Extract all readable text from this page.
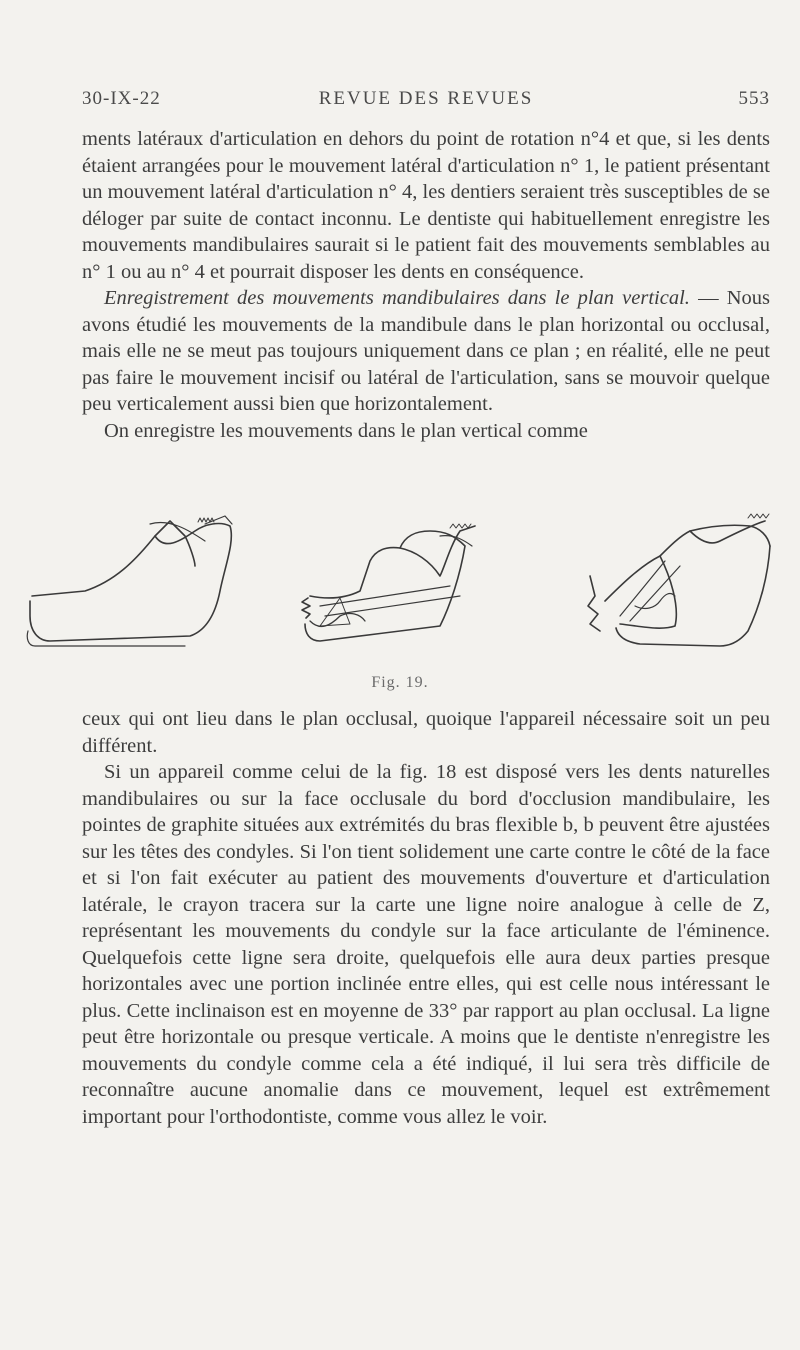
30-IX-22	REVUE DES REVUES	553

ments latéraux d'articulation en dehors du point de rotation n°4 et que, si les dents étaient arrangées pour le mouvement latéral d'articulation n° 1, le patient présentant un mouvement latéral d'articulation n° 4, les dentiers seraient très susceptibles de se déloger par suite de contact inconnu. Le dentiste qui habituellement enregistre les mouvements mandibulaires saurait si le patient fait des mouvements semblables au n° 1 ou au n° 4 et pourrait disposer les dents en conséquence.

Enregistrement des mouvements mandibulaires dans le plan vertical. — Nous avons étudié les mouvements de la mandibule dans le plan horizontal ou occlusal, mais elle ne se meut pas toujours uniquement dans ce plan ; en réalité, elle ne peut pas faire le mouvement incisif ou latéral de l'articulation, sans se mouvoir quelque peu verticalement aussi bien que horizontalement.

On enregistre les mouvements dans le plan vertical comme

Fig. 19.

ceux qui ont lieu dans le plan occlusal, quoique l'appareil nécessaire soit un peu différent.

Si un appareil comme celui de la fig. 18 est disposé vers les dents naturelles mandibulaires ou sur la face occlusale du bord d'occlusion mandibulaire, les pointes de graphite situées aux extrémités du bras flexible b, b peuvent être ajustées sur les têtes des condyles. Si l'on tient solidement une carte contre le côté de la face et si l'on fait exécuter au patient des mouvements d'ouverture et d'articulation latérale, le crayon tracera sur la carte une ligne noire analogue à celle de Z, représentant les mouvements du condyle sur la face articulante de l'éminence. Quelquefois cette ligne sera droite, quelquefois elle aura deux parties presque horizontales avec une portion inclinée entre elles, qui est celle nous intéressant le plus. Cette inclinaison est en moyenne de 33° par rapport au plan occlusal. La ligne peut être horizontale ou presque verticale. A moins que le dentiste n'enregistre les mouvements du condyle comme cela a été indiqué, il lui sera très difficile de reconnaître aucune anomalie dans ce mouvement, lequel est extrêmement important pour l'orthodontiste, comme vous allez le voir.
